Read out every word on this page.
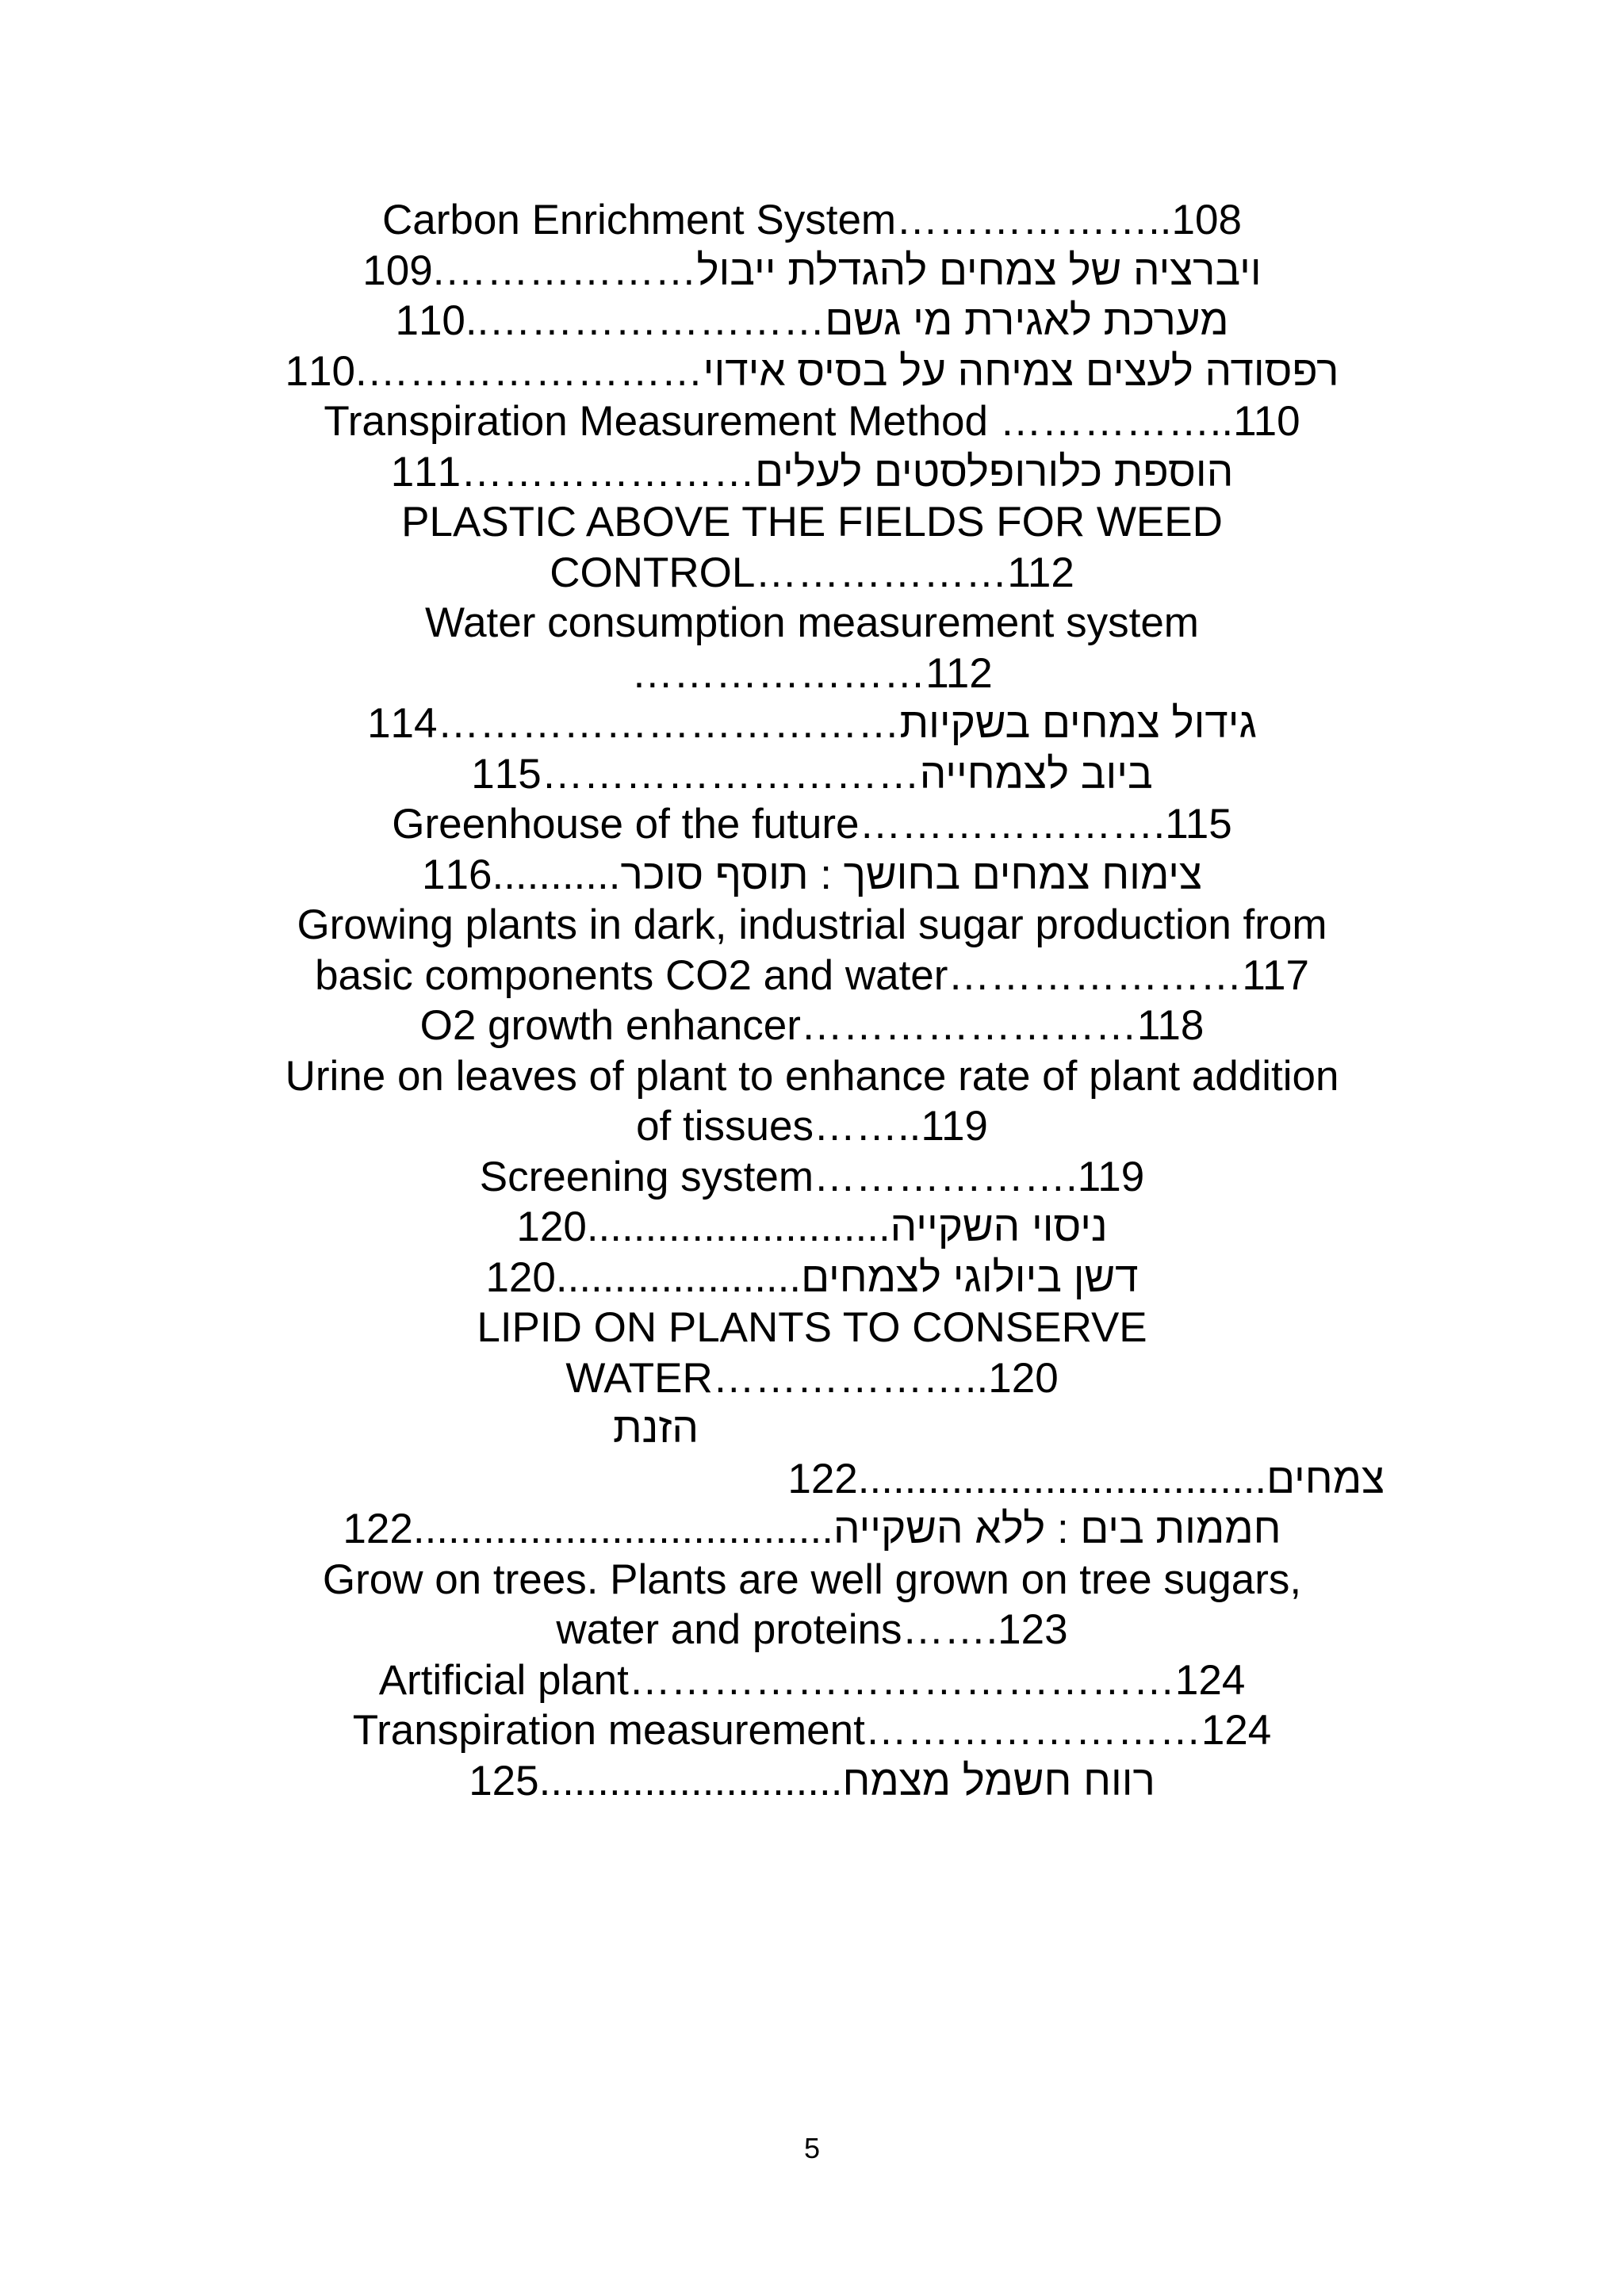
Carbon Enrichment System………………..108
ויברציה של צמחים להגדלת ייבול……………….109
מערכת לאגירת מי גשם……………………..110
רפסודה לעצים צמיחה על בסיס אידוי…………………….110
Transpiration Measurement Method ……………..110
הוספת כלורופלסטים לעלים…………………111
PLASTIC ABOVE THE FIELDS FOR WEED
CONTROL………………112
Water consumption measurement system
…………………112
גידול צמחים בשקיות……………………………114
ביוב לצמחייה………………………115
Greenhouse of the future………………….115
צימוח צמחים בחושך : תוסף סוכר...........116
Growing plants in dark, industrial sugar production from
basic components CO2 and water…………………117
O2 growth enhancer……………………118
Urine on leaves of plant to enhance rate of plant addition
of tissues……..119
Screening system……………….119
ניסוי השקייה..........................120
דשן ביולוגי לצמחים.....................120
LIPID ON PLANTS TO CONSERVE
WATER………………..120
הזנת
צמחים...................................122
חממות בים : ללא השקייה....................................122
Grow on trees. Plants are well grown on tree sugars,
water and proteins…….123
Artificial plant…………………………………124
Transpiration measurement……………………124
רווח חשמל מצמח..........................125
5
